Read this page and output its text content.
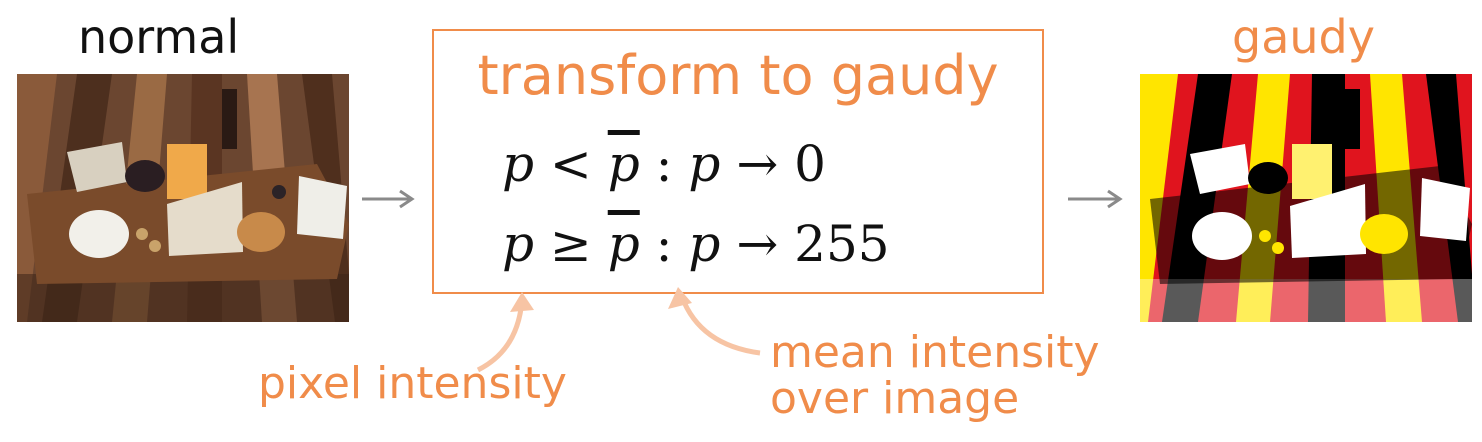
normal	gaudy
transform to gaudy
$p < \overline{p}$ : p → 0
$p \ge \overline{p}$ : p → 255
pixel intensity
mean intensity
over image
